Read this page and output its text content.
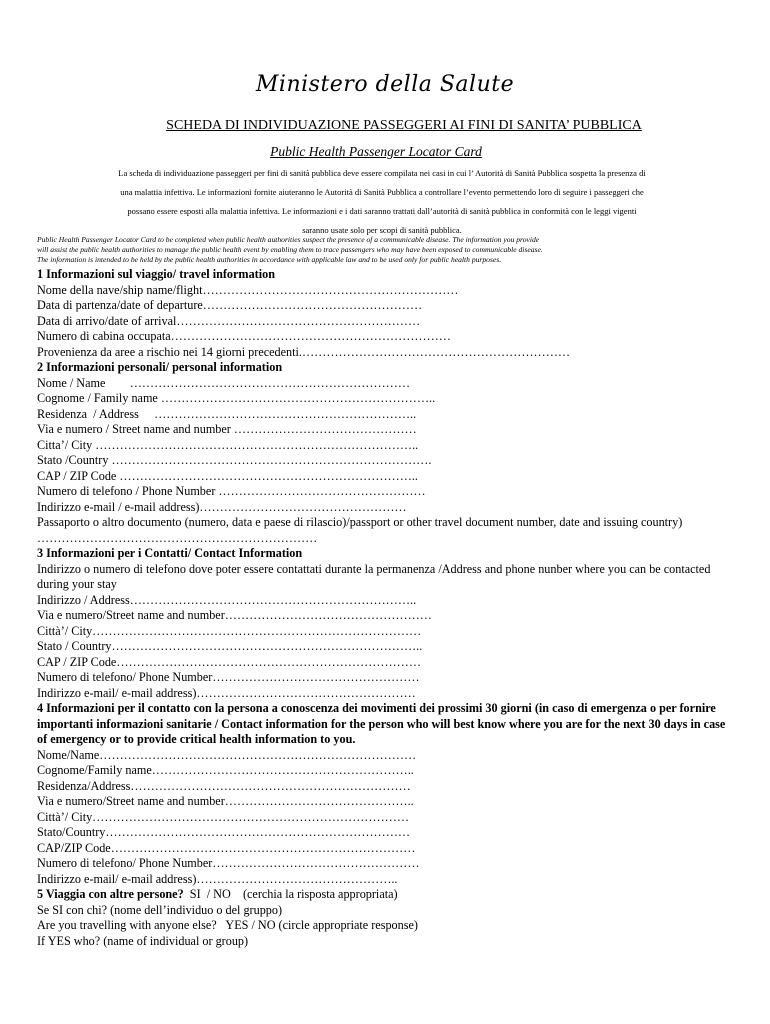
Ministero della Salute
SCHEDA DI INDIVIDUAZIONE PASSEGGERI AI FINI DI SANITA’ PUBBLICA
Public Health Passenger Locator Card
La scheda di individuazione passeggeri per fini di sanità pubblica deve essere compilata nei casi in cui l’ Autorità di Sanità Pubblica sospetta la presenza di
una malattia infettiva. Le informazioni fornite aiuteranno le Autorità di Sanità Pubblica a controllare l’evento permettendo loro di seguire i passeggeri che
possano essere esposti alla malattia infettiva. Le informazioni e i dati saranno trattati dall’autorità di sanità pubblica in conformità con le leggi vigenti
saranno usate solo per scopi di sanità pubblica.
Public Health Passenger Locator Card to be completed when public health authorities suspect the presence of a communicable disease. The information you provide
will assist the public health authorities to manage the public health event by enabling them to trace passengers who may have been exposed to communicable disease.
The information is intended to be held by the public health authorities in accordance with applicable law and to be used only for public health purposes.
1 Informazioni sul viaggio/ travel information
Nome della nave/ship name/flight………………………………………………………
Data di partenza/date of departure………………………………………………
Data di arrivo/date of arrival……………………………………………………
Numero di cabina occupata……………………………………………………………
Provenienza da aree a rischio nei 14 giorni precedenti.…………………………………………………………
2 Informazioni personali/ personal information
Nome / Name        ……………………………………………………………
Cognome / Family name …………………………………………………………..
Residenza  / Address     ………………………………………………………..
Via e numero / Street name and number ………………………………………
Citta’/ City ……………………………………………………………………..
Stato /Country …………………………………………………………………….
CAP / ZIP Code ………………………………………………………………..
Numero di telefono / Phone Number ……………………………………………
Indirizzo e-mail / e-mail address)……………………………………………
Passaporto o altro documento (numero, data e paese di rilascio)/passport or other travel document number, date and issuing country) ……………………………………………………………
3 Informazioni per i Contatti/ Contact Information
Indirizzo o numero di telefono dove poter essere contattati durante la permanenza /Address and phone nunber where you can be contacted during your stay
Indirizzo / Address……………………………………………………………..
Via e numero/Street name and number……………………………………………
Città’/ City………………………………………………………………………
Stato / Country…………………………………………………………………..
CAP / ZIP Code…………………………………………………………………
Numero di telefono/ Phone Number……………………………………………
Indirizzo e-mail/ e-mail address)………………………………………………
4 Informazioni per il contatto con la persona a conoscenza dei movimenti dei prossimi 30 giorni (in caso di emergenza o per fornire importanti informazioni sanitarie / Contact information for the person who will best know where you are for the next 30 days in case of emergency or to provide critical health information to you.
Nome/Name……………………………………………………………………
Cognome/Family name………………………………………………………..
Residenza/Address……………………………………………………………
Via e numero/Street name and number………………………………………..
Città’/ City……………………………………………………………………
Stato/Country…………………………………………………………………
CAP/ZIP Code…………………………………………………………………
Numero di telefono/ Phone Number……………………………………………
Indirizzo e-mail/ e-mail address)…………………………………………..
5 Viaggia con altre persone?  SI  / NO    (cerchia la risposta appropriata)
Se SI con chi? (nome dell’individuo o del gruppo)
Are you travelling with anyone else?   YES / NO (circle appropriate response)
If YES who? (name of individual or group)
